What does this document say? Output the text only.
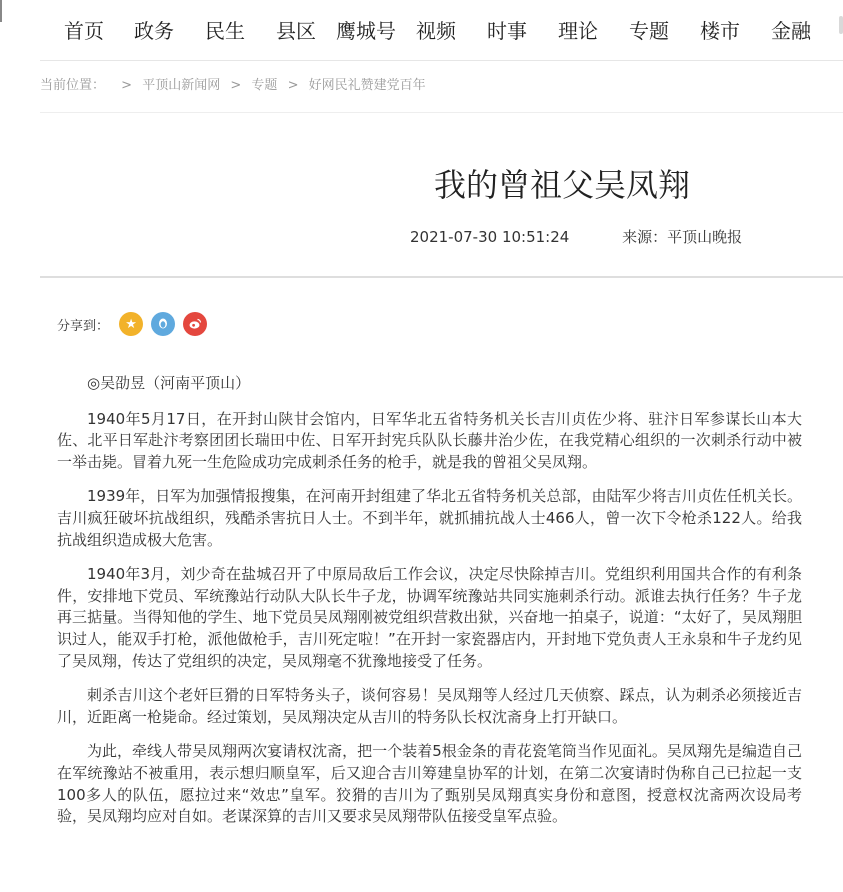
首页 政务 民生 县区 鹰城号 视频 时事 理论 专题 楼市 金融
当前位置： > 平顶山新闻网 > 专题 > 好网民礼赞建党百年
我的曾祖父吴凤翔
2021-07-30 10:51:24	来源：平顶山晚报
分享到：	★

◎吴劭昱（河南平顶山）

1940年5月17日，在开封山陕甘会馆内，日军华北五省特务机关长吉川贞佐少将、驻汴日军参谋长山本大佐、北平日军赴汴考察团团长瑞田中佐、日军开封宪兵队队长藤井治少佐，在我党精心组织的一次刺杀行动中被一举击毙。冒着九死一生危险成功完成刺杀任务的枪手，就是我的曾祖父吴凤翔。

1939年，日军为加强情报搜集，在河南开封组建了华北五省特务机关总部，由陆军少将吉川贞佐任机关长。吉川疯狂破坏抗战组织，残酷杀害抗日人士。不到半年，就抓捕抗战人士466人，曾一次下令枪杀122人。给我抗战组织造成极大危害。

1940年3月，刘少奇在盐城召开了中原局敌后工作会议，决定尽快除掉吉川。党组织利用国共合作的有利条件，安排地下党员、军统豫站行动队大队长牛子龙，协调军统豫站共同实施刺杀行动。派谁去执行任务？牛子龙再三掂量。当得知他的学生、地下党员吴凤翔刚被党组织营救出狱，兴奋地一拍桌子，说道：“太好了，吴凤翔胆识过人，能双手打枪，派他做枪手，吉川死定啦！”在开封一家瓷器店内，开封地下党负责人王永泉和牛子龙约见了吴凤翔，传达了党组织的决定，吴凤翔毫不犹豫地接受了任务。

刺杀吉川这个老奸巨猾的日军特务头子，谈何容易！吴凤翔等人经过几天侦察、踩点，认为刺杀必须接近吉川，近距离一枪毙命。经过策划，吴凤翔决定从吉川的特务队长权沈斋身上打开缺口。

为此，牵线人带吴凤翔两次宴请权沈斋，把一个装着5根金条的青花瓷笔筒当作见面礼。吴凤翔先是编造自己在军统豫站不被重用，表示想归顺皇军，后又迎合吉川筹建皇协军的计划，在第二次宴请时伪称自己已拉起一支100多人的队伍，愿拉过来“效忠”皇军。狡猾的吉川为了甄别吴凤翔真实身份和意图，授意权沈斋两次设局考验，吴凤翔均应对自如。老谋深算的吉川又要求吴凤翔带队伍接受皇军点验。
